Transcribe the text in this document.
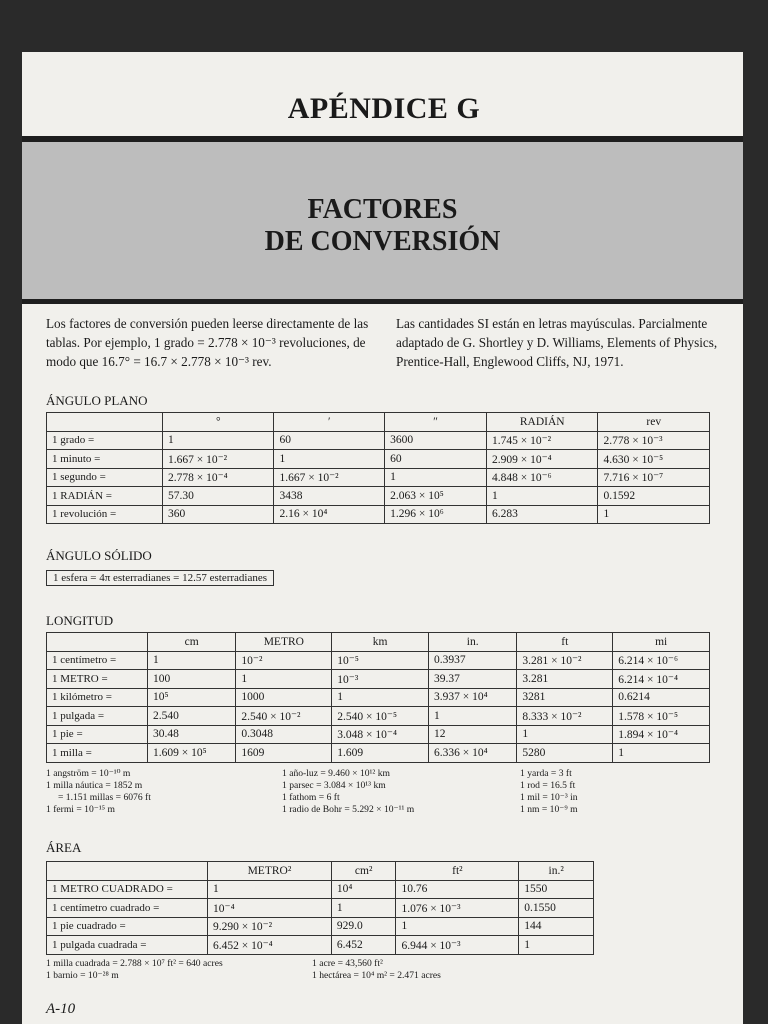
APÉNDICE G
FACTORES
DE CONVERSIÓN
Los factores de conversión pueden leerse directamente de las tablas. Por ejemplo, 1 grado = 2.778 × 10⁻³ revoluciones, de modo que 16.7° = 16.7 × 2.778 × 10⁻³ rev.
Las cantidades SI están en letras mayúsculas. Parcialmente adaptado de G. Shortley y D. Williams, Elements of Physics, Prentice-Hall, Englewood Cliffs, NJ, 1971.
ÁNGULO PLANO
	°	′	″	RADIÁN	rev
1 grado =	1	60	3600	1.745 × 10⁻²	2.778 × 10⁻³
1 minuto =	1.667 × 10⁻²	1	60	2.909 × 10⁻⁴	4.630 × 10⁻⁵
1 segundo =	2.778 × 10⁻⁴	1.667 × 10⁻²	1	4.848 × 10⁻⁶	7.716 × 10⁻⁷
1 RADIÁN =	57.30	3438	2.063 × 10⁵	1	0.1592
1 revolución =	360	2.16 × 10⁴	1.296 × 10⁶	6.283	1
ÁNGULO SÓLIDO
1 esfera = 4π esterradianes = 12.57 esterradianes
LONGITUD
	cm	METRO	km	in.	ft	mi
1 centímetro =	1	10⁻²	10⁻⁵	0.3937	3.281 × 10⁻²	6.214 × 10⁻⁶
1 METRO =	100	1	10⁻³	39.37	3.281	6.214 × 10⁻⁴
1 kilómetro =	10⁵	1000	1	3.937 × 10⁴	3281	0.6214
1 pulgada =	2.540	2.540 × 10⁻²	2.540 × 10⁻⁵	1	8.333 × 10⁻²	1.578 × 10⁻⁵
1 pie =	30.48	0.3048	3.048 × 10⁻⁴	12	1	1.894 × 10⁻⁴
1 milla =	1.609 × 10⁵	1609	1.609	6.336 × 10⁴	5280	1
1 angström = 10⁻¹⁰ m
1 milla náutica = 1852 m
= 1.151 millas = 6076 ft
1 fermi = 10⁻¹⁵ m
1 año-luz = 9.460 × 10¹² km
1 parsec = 3.084 × 10¹³ km
1 fathom = 6 ft
1 radio de Bohr = 5.292 × 10⁻¹¹ m
1 yarda = 3 ft
1 rod = 16.5 ft
1 mil = 10⁻³ in
1 nm = 10⁻⁹ m
ÁREA
	METRO²	cm²	ft²	in.²
1 METRO CUADRADO =	1	10⁴	10.76	1550
1 centímetro cuadrado =	10⁻⁴	1	1.076 × 10⁻³	0.1550
1 pie cuadrado =	9.290 × 10⁻²	929.0	1	144
1 pulgada cuadrada =	6.452 × 10⁻⁴	6.452	6.944 × 10⁻³	1
1 milla cuadrada = 2.788 × 10⁷ ft² = 640 acres
1 barnio = 10⁻²⁸ m
1 acre = 43,560 ft²
1 hectárea = 10⁴ m² = 2.471 acres
A-10
